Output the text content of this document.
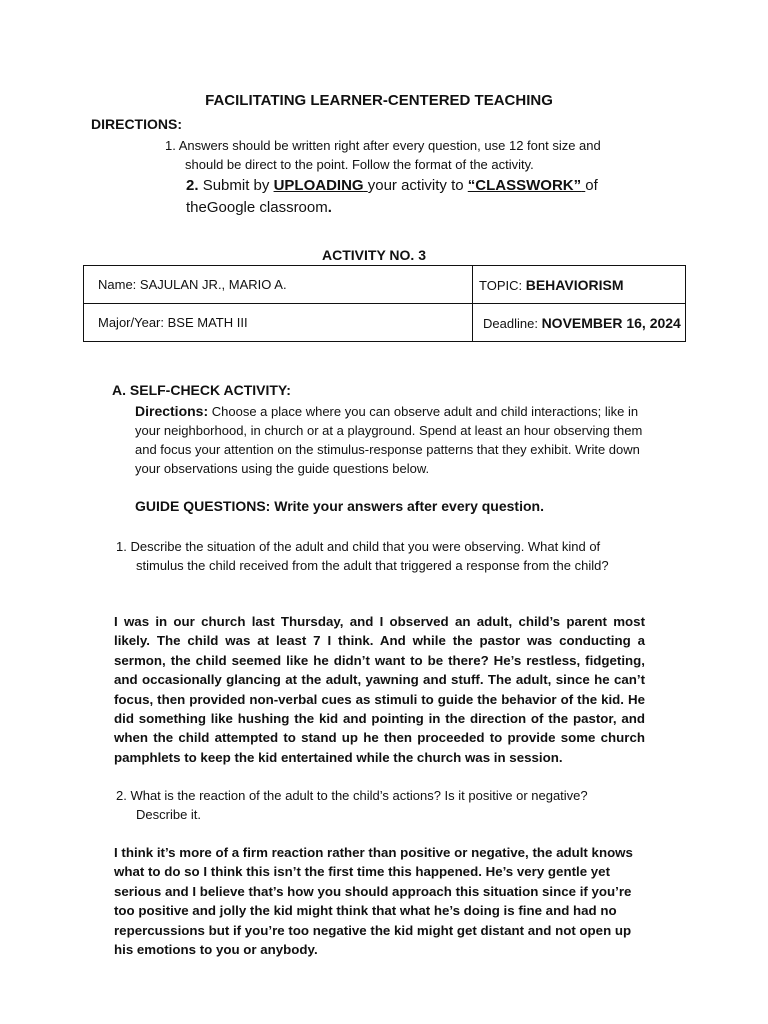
FACILITATING LEARNER-CENTERED TEACHING
DIRECTIONS:
1. Answers should be written right after every question, use 12 font size and
should be direct to the point. Follow the format of the activity.
2. Submit by UPLOADING your activity to “CLASSWORK” of
theGoogle classroom.
ACTIVITY NO. 3
Name: SAJULAN JR., MARIO A.	TOPIC: BEHAVIORISM
Major/Year: BSE MATH III	Deadline: NOVEMBER 16, 2024
A. SELF-CHECK ACTIVITY:
Directions: Choose a place where you can observe adult and child interactions; like in your neighborhood, in church or at a playground. Spend at least an hour observing them and focus your attention on the stimulus-response patterns that they exhibit. Write down your observations using the guide questions below.
GUIDE QUESTIONS: Write your answers after every question.
1. Describe the situation of the adult and child that you were observing. What kind of
stimulus the child received from the adult that triggered a response from the child?
I was in our church last Thursday, and I observed an adult, child’s parent most likely. The child was at least 7 I think. And while the pastor was conducting a sermon, the child seemed like he didn’t want to be there? He’s restless, fidgeting, and occasionally glancing at the adult, yawning and stuff. The adult, since he can’t focus, then provided non-verbal cues as stimuli to guide the behavior of the kid. He did something like hushing the kid and pointing in the direction of the pastor, and when the child attempted to stand up he then proceeded to provide some church pamphlets to keep the kid entertained while the church was in session.
2. What is the reaction of the adult to the child’s actions? Is it positive or negative?
Describe it.
I think it’s more of a firm reaction rather than positive or negative, the adult knows what to do so I think this isn’t the first time this happened. He’s very gentle yet serious and I believe that’s how you should approach this situation since if you’re too positive and jolly the kid might think that what he’s doing is fine and had no repercussions but if you’re too negative the kid might get distant and not open up his emotions to you or anybody.
